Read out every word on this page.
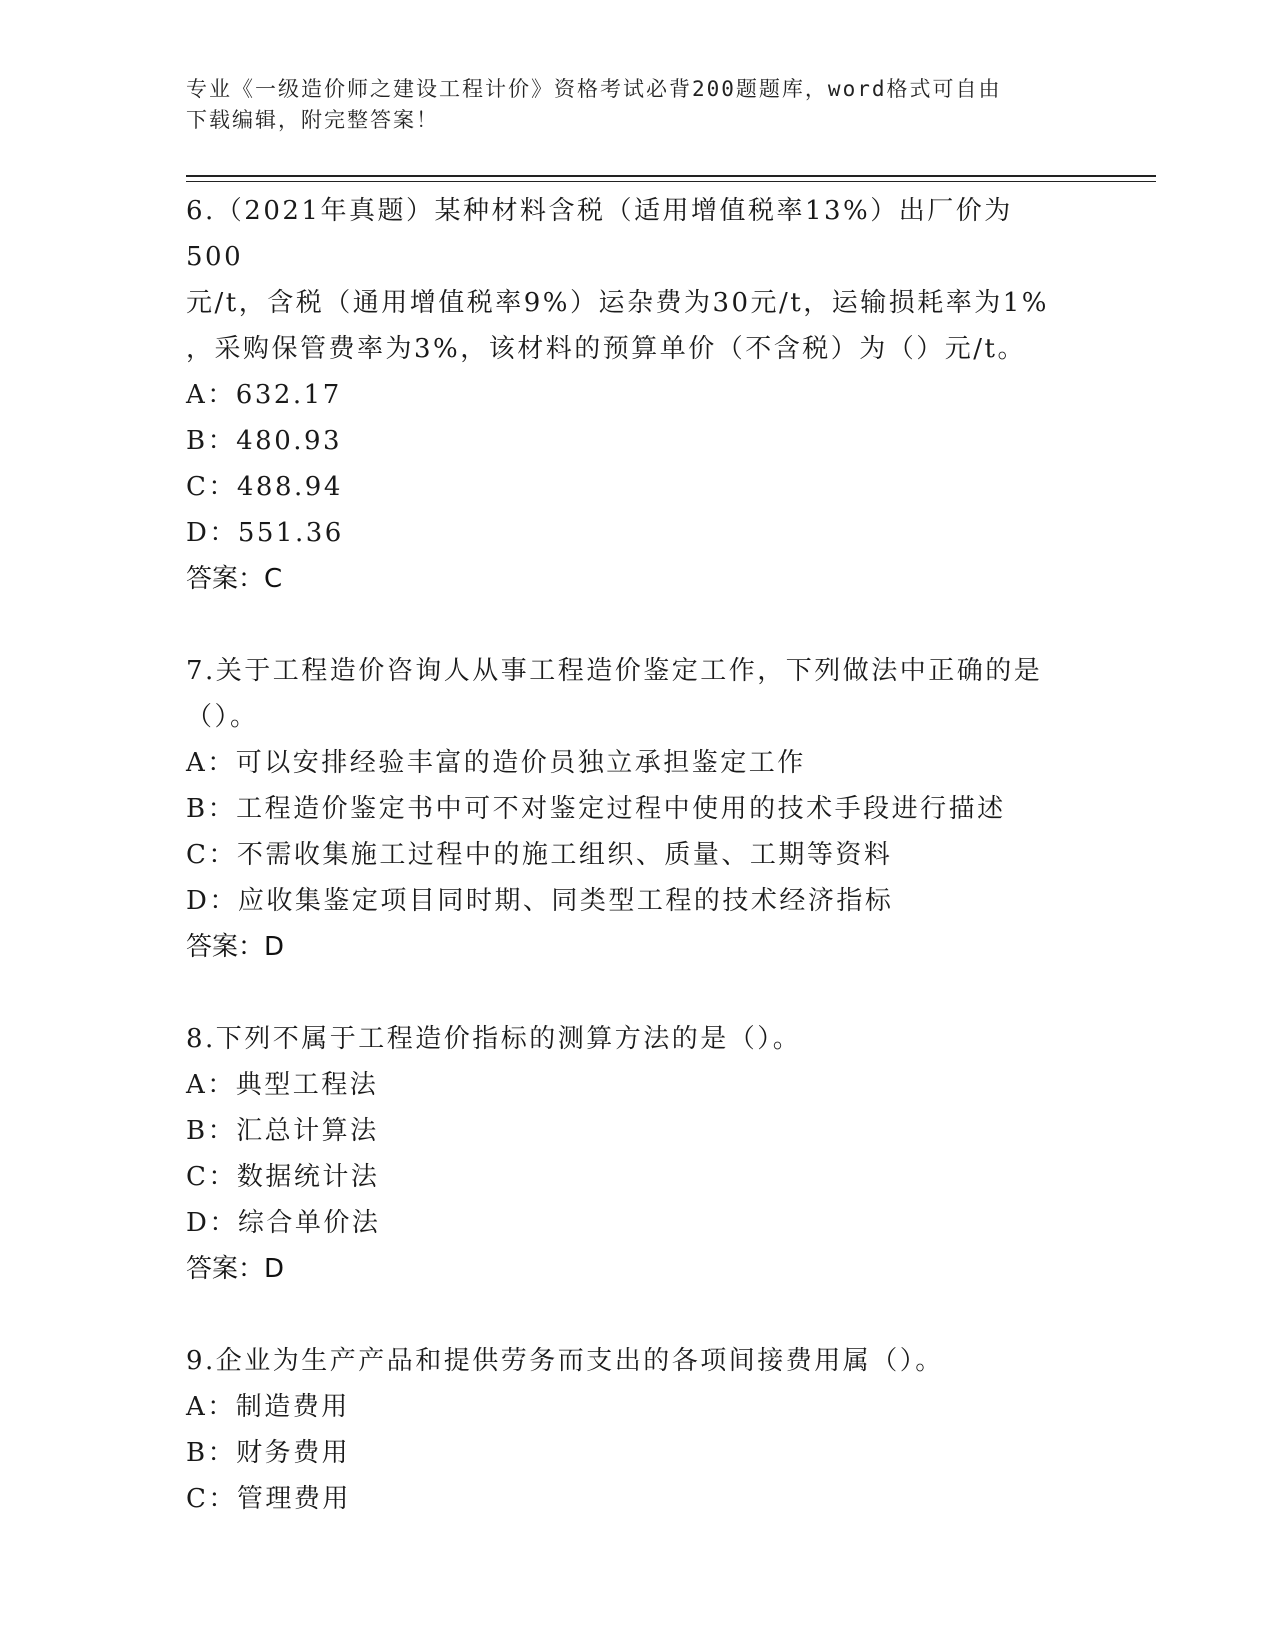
专业《一级造价师之建设工程计价》资格考试必背200题题库，word格式可自由
下载编辑，附完整答案！
6.（2021年真题）某种材料含税（适用增值税率13%）出厂价为500
元/t，含税（通用增值税率9%）运杂费为30元/t，运输损耗率为1%
，采购保管费率为3%，该材料的预算单价（不含税）为（）元/t。
A：632.17
B：480.93
C：488.94
D：551.36
答案：C
7.关于工程造价咨询人从事工程造价鉴定工作，下列做法中正确的是
（）。
A：可以安排经验丰富的造价员独立承担鉴定工作
B：工程造价鉴定书中可不对鉴定过程中使用的技术手段进行描述
C：不需收集施工过程中的施工组织、质量、工期等资料
D：应收集鉴定项目同时期、同类型工程的技术经济指标
答案：D
8.下列不属于工程造价指标的测算方法的是（）。
A：典型工程法
B：汇总计算法
C：数据统计法
D：综合单价法
答案：D
9.企业为生产产品和提供劳务而支出的各项间接费用属（）。
A：制造费用
B：财务费用
C：管理费用
